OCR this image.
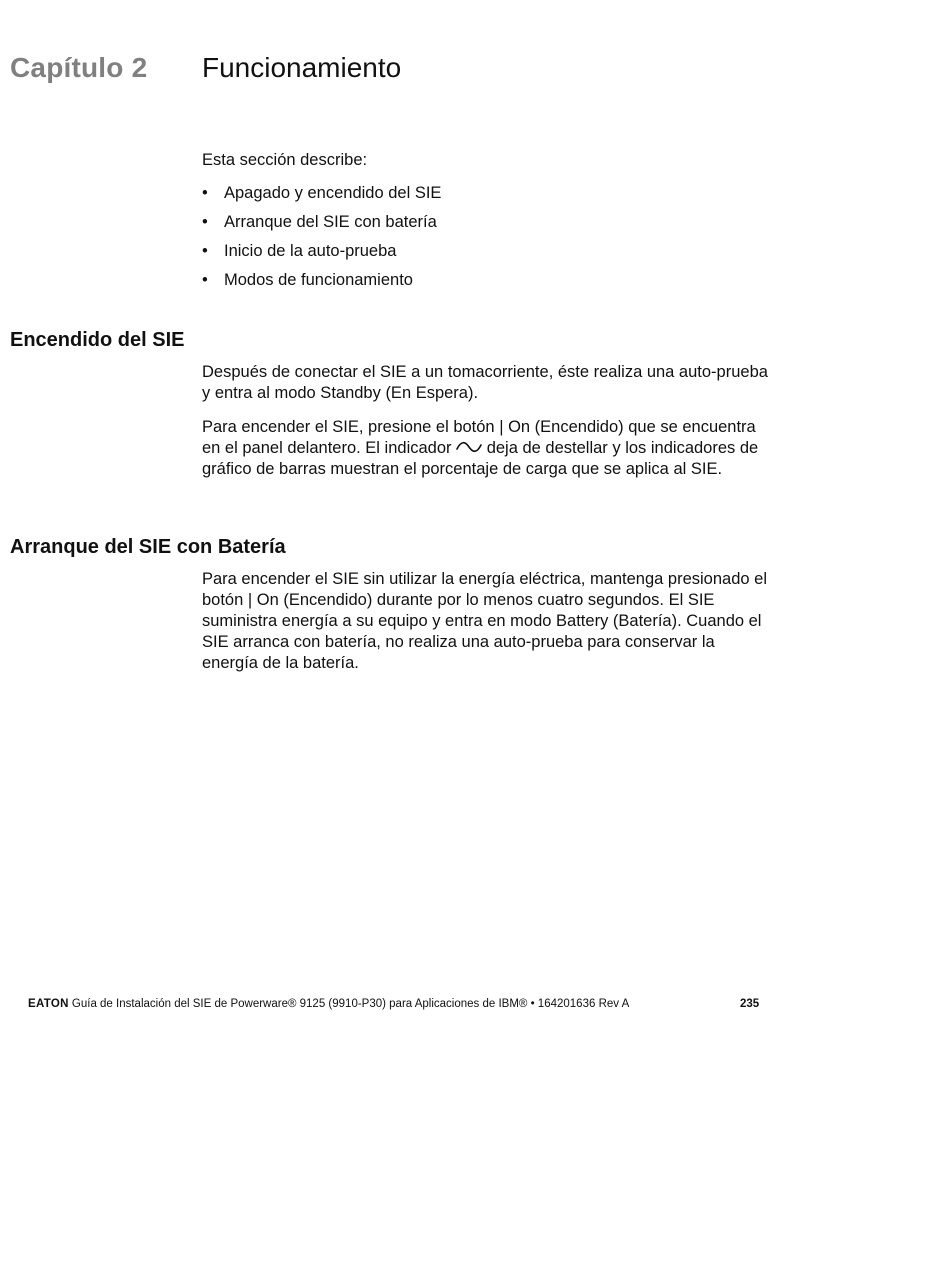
Capítulo 2 Funcionamiento

Esta sección describe:

• Apagado y encendido del SIE
• Arranque del SIE con batería
• Inicio de la auto-prueba
• Modos de funcionamiento
Encendido del SIE

Después de conectar el SIE a un tomacorriente, éste realiza una auto-prueba y entra al modo Standby (En Espera).

Para encender el SIE, presione el botón | On (Encendido) que se encuentra en el panel delantero. El indicador deja de destellar y los indicadores de gráfico de barras muestran el porcentaje de carga que se aplica al SIE.

Arranque del SIE con Batería

Para encender el SIE sin utilizar la energía eléctrica, mantenga presionado el botón | On (Encendido) durante por lo menos cuatro segundos. El SIE suministra energía a su equipo y entra en modo Battery (Batería). Cuando el SIE arranca con batería, no realiza una auto-prueba para conservar la energía de la batería.

EATON Guía de Instalación del SIE de Powerware® 9125 (9910-P30) para Aplicaciones de IBM® • 164201636 Rev A	235
